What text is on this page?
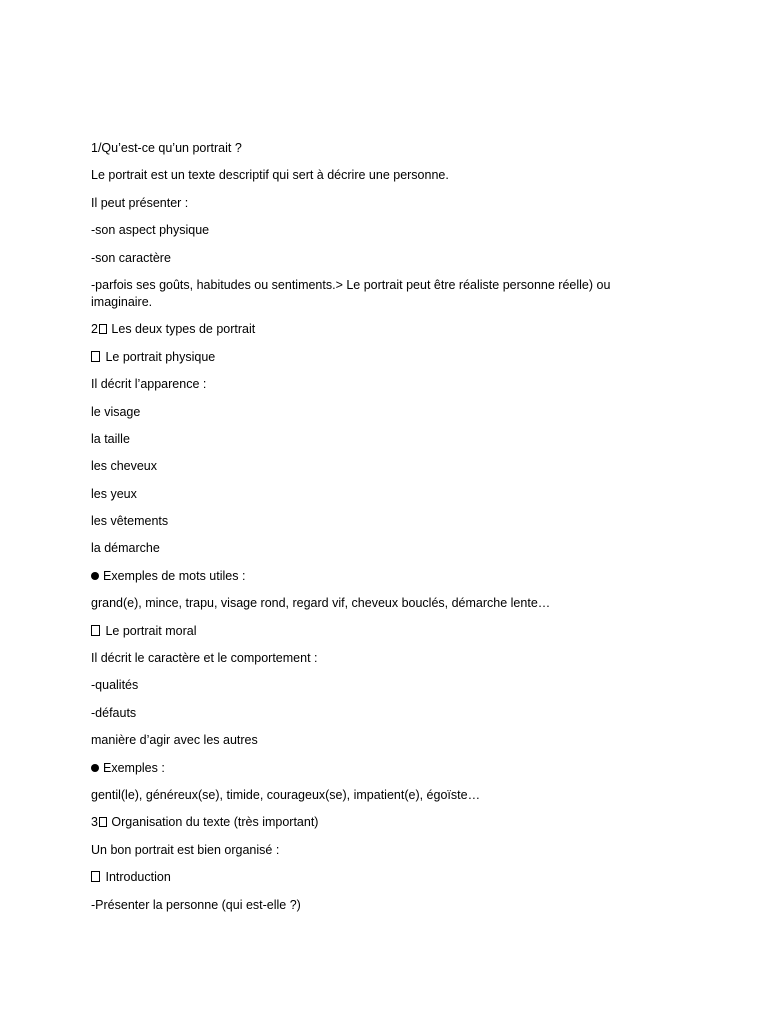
1/Qu’est-ce qu’un portrait ?

Le portrait est un texte descriptif qui sert à décrire une personne.

Il peut présenter :

-son aspect physique

-son caractère

-parfois ses goûts, habitudes ou sentiments.> Le portrait peut être réaliste personne réelle) ou imaginaire.

2 Les deux types de portrait

Le portrait physique

Il décrit l’apparence :

le visage

la taille

les cheveux

les yeux

les vêtements

la démarche

Exemples de mots utiles :

grand(e), mince, trapu, visage rond, regard vif, cheveux bouclés, démarche lente…

Le portrait moral

Il décrit le caractère et le comportement :

-qualités

-défauts

manière d’agir avec les autres

Exemples :

gentil(le), généreux(se), timide, courageux(se), impatient(e), égoïste…

3 Organisation du texte (très important)

Un bon portrait est bien organisé :

Introduction

-Présenter la personne (qui est-elle ?)
